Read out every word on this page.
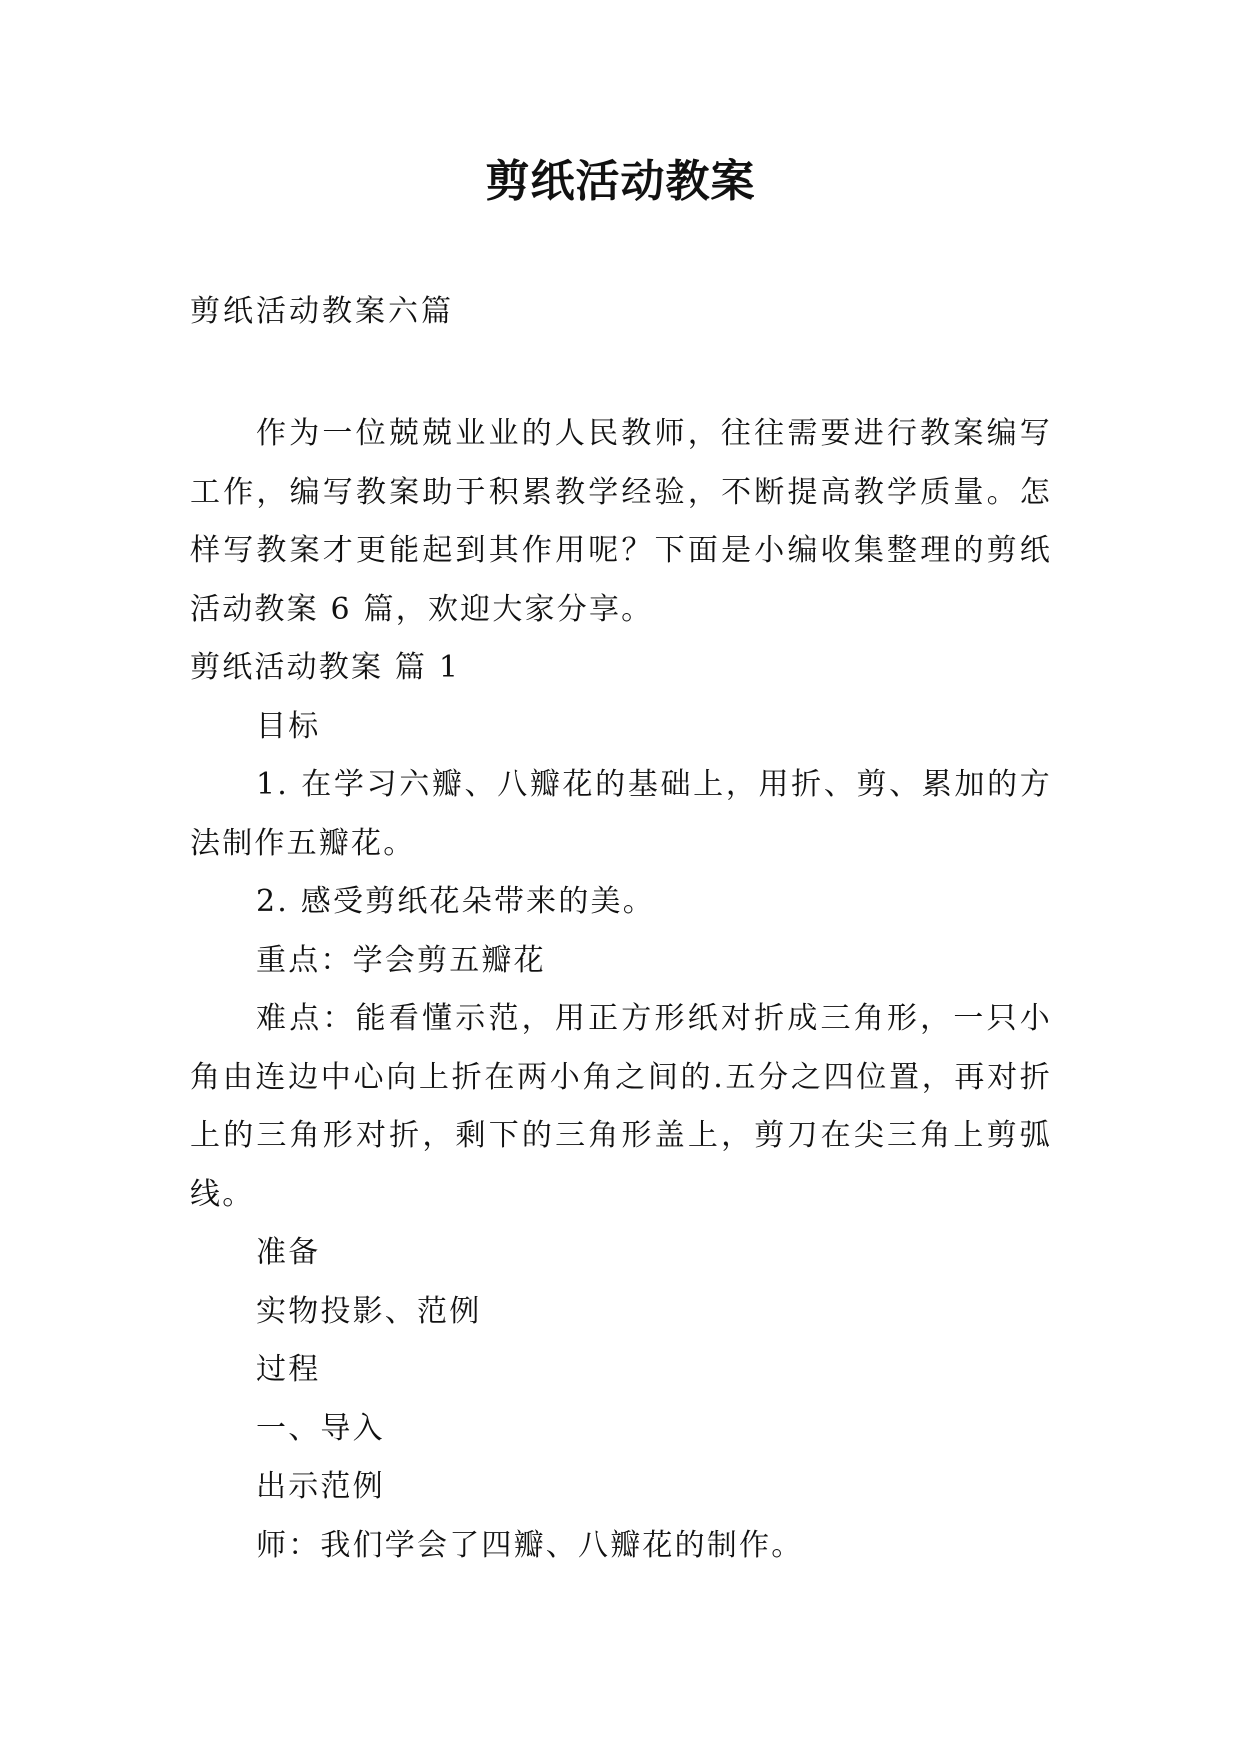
剪纸活动教案
剪纸活动教案六篇

作为一位兢兢业业的人民教师，往往需要进行教案编写工作，编写教案助于积累教学经验，不断提高教学质量。怎样写教案才更能起到其作用呢？下面是小编收集整理的剪纸活动教案 6 篇，欢迎大家分享。

剪纸活动教案 篇 1

目标

1. 在学习六瓣、八瓣花的基础上，用折、剪、累加的方法制作五瓣花。

2. 感受剪纸花朵带来的美。

重点：学会剪五瓣花

难点：能看懂示范，用正方形纸对折成三角形，一只小角由连边中心向上折在两小角之间的.五分之四位置，再对折上的三角形对折，剩下的三角形盖上，剪刀在尖三角上剪弧线。

准备

实物投影、范例

过程

一、导入

出示范例

师：我们学会了四瓣、八瓣花的制作。
